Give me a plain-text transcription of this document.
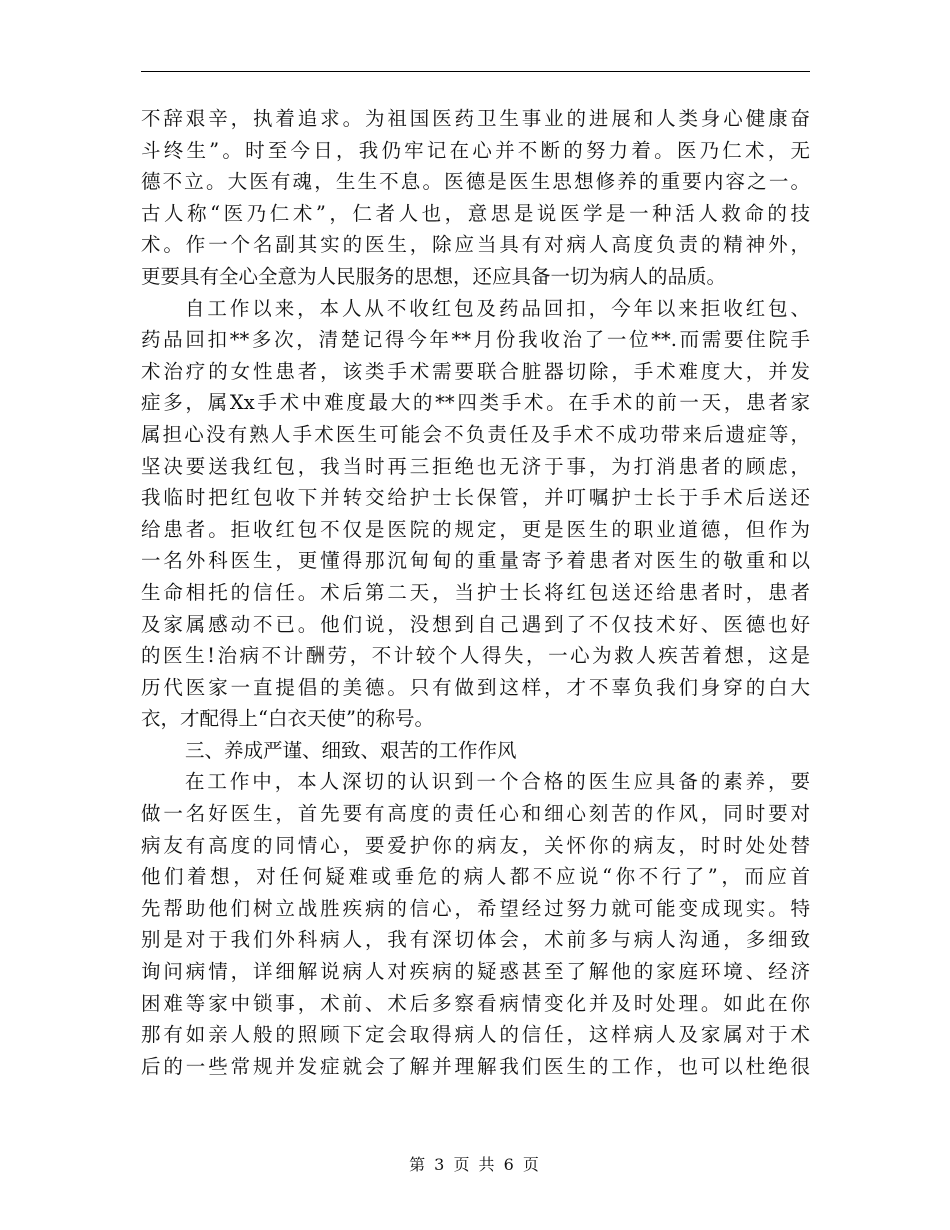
不辞艰辛，执着追求。为祖国医药卫生事业的进展和人类身心健康奋
斗终生”。时至今日，我仍牢记在心并不断的努力着。医乃仁术，无
德不立。大医有魂，生生不息。医德是医生思想修养的重要内容之一。
古人称“医乃仁术”，仁者人也，意思是说医学是一种活人救命的技
术。作一个名副其实的医生，除应当具有对病人高度负责的精神外，
更要具有全心全意为人民服务的思想，还应具备一切为病人的品质。
自工作以来，本人从不收红包及药品回扣，今年以来拒收红包、
药品回扣**多次，清楚记得今年**月份我收治了一位**.而需要住院手
术治疗的女性患者，该类手术需要联合脏器切除，手术难度大，并发
症多，属Xx手术中难度最大的**四类手术。在手术的前一天，患者家
属担心没有熟人手术医生可能会不负责任及手术不成功带来后遗症等，
坚决要送我红包，我当时再三拒绝也无济于事，为打消患者的顾虑，
我临时把红包收下并转交给护士长保管，并叮嘱护士长于手术后送还
给患者。拒收红包不仅是医院的规定，更是医生的职业道德，但作为
一名外科医生，更懂得那沉甸甸的重量寄予着患者对医生的敬重和以
生命相托的信任。术后第二天，当护士长将红包送还给患者时，患者
及家属感动不已。他们说，没想到自己遇到了不仅技术好、医德也好
的医生!治病不计酬劳，不计较个人得失，一心为救人疾苦着想，这是
历代医家一直提倡的美德。只有做到这样，才不辜负我们身穿的白大
衣，才配得上“白衣天使”的称号。
三、养成严谨、细致、艰苦的工作作风
在工作中，本人深切的认识到一个合格的医生应具备的素养，要
做一名好医生，首先要有高度的责任心和细心刻苦的作风，同时要对
病友有高度的同情心，要爱护你的病友，关怀你的病友，时时处处替
他们着想，对任何疑难或垂危的病人都不应说“你不行了”，而应首
先帮助他们树立战胜疾病的信心，希望经过努力就可能变成现实。特
别是对于我们外科病人，我有深切体会，术前多与病人沟通，多细致
询问病情，详细解说病人对疾病的疑惑甚至了解他的家庭环境、经济
困难等家中锁事，术前、术后多察看病情变化并及时处理。如此在你
那有如亲人般的照顾下定会取得病人的信任，这样病人及家属对于术
后的一些常规并发症就会了解并理解我们医生的工作，也可以杜绝很
第 3 页 共 6 页
